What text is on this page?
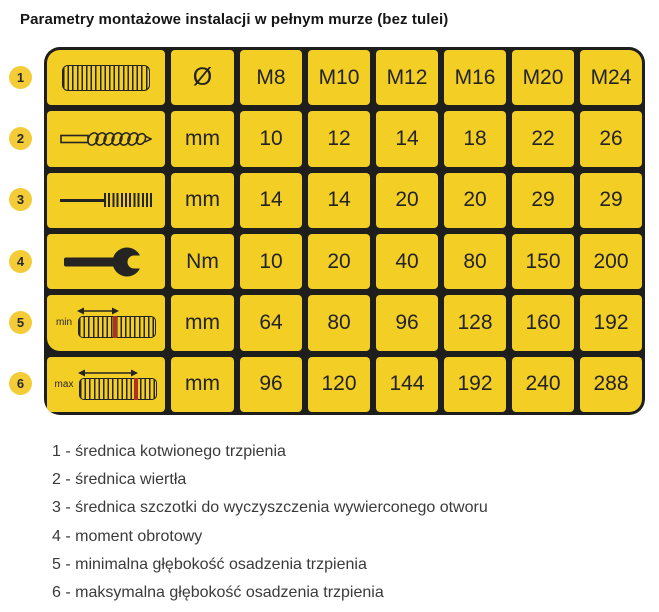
Parametry montażowe instalacji w pełnym murze (bez tulei)
1
2
3
4
5
6
Ø	M8	M10	M12	M16	M20	M24
mm	10	12	14	18	22	26
mm	14	14	20	20	29	29
Nm	10	20	40	80	150	200
min	mm	64	80	96	128	160	192
max	mm	96	120	144	192	240	288
1 - średnica kotwionego trzpienia
2 - średnica wiertła
3 - średnica szczotki do wyczyszczenia wywierconego otworu
4 - moment obrotowy
5 - minimalna głębokość osadzenia trzpienia
6 - maksymalna głębokość osadzenia trzpienia
